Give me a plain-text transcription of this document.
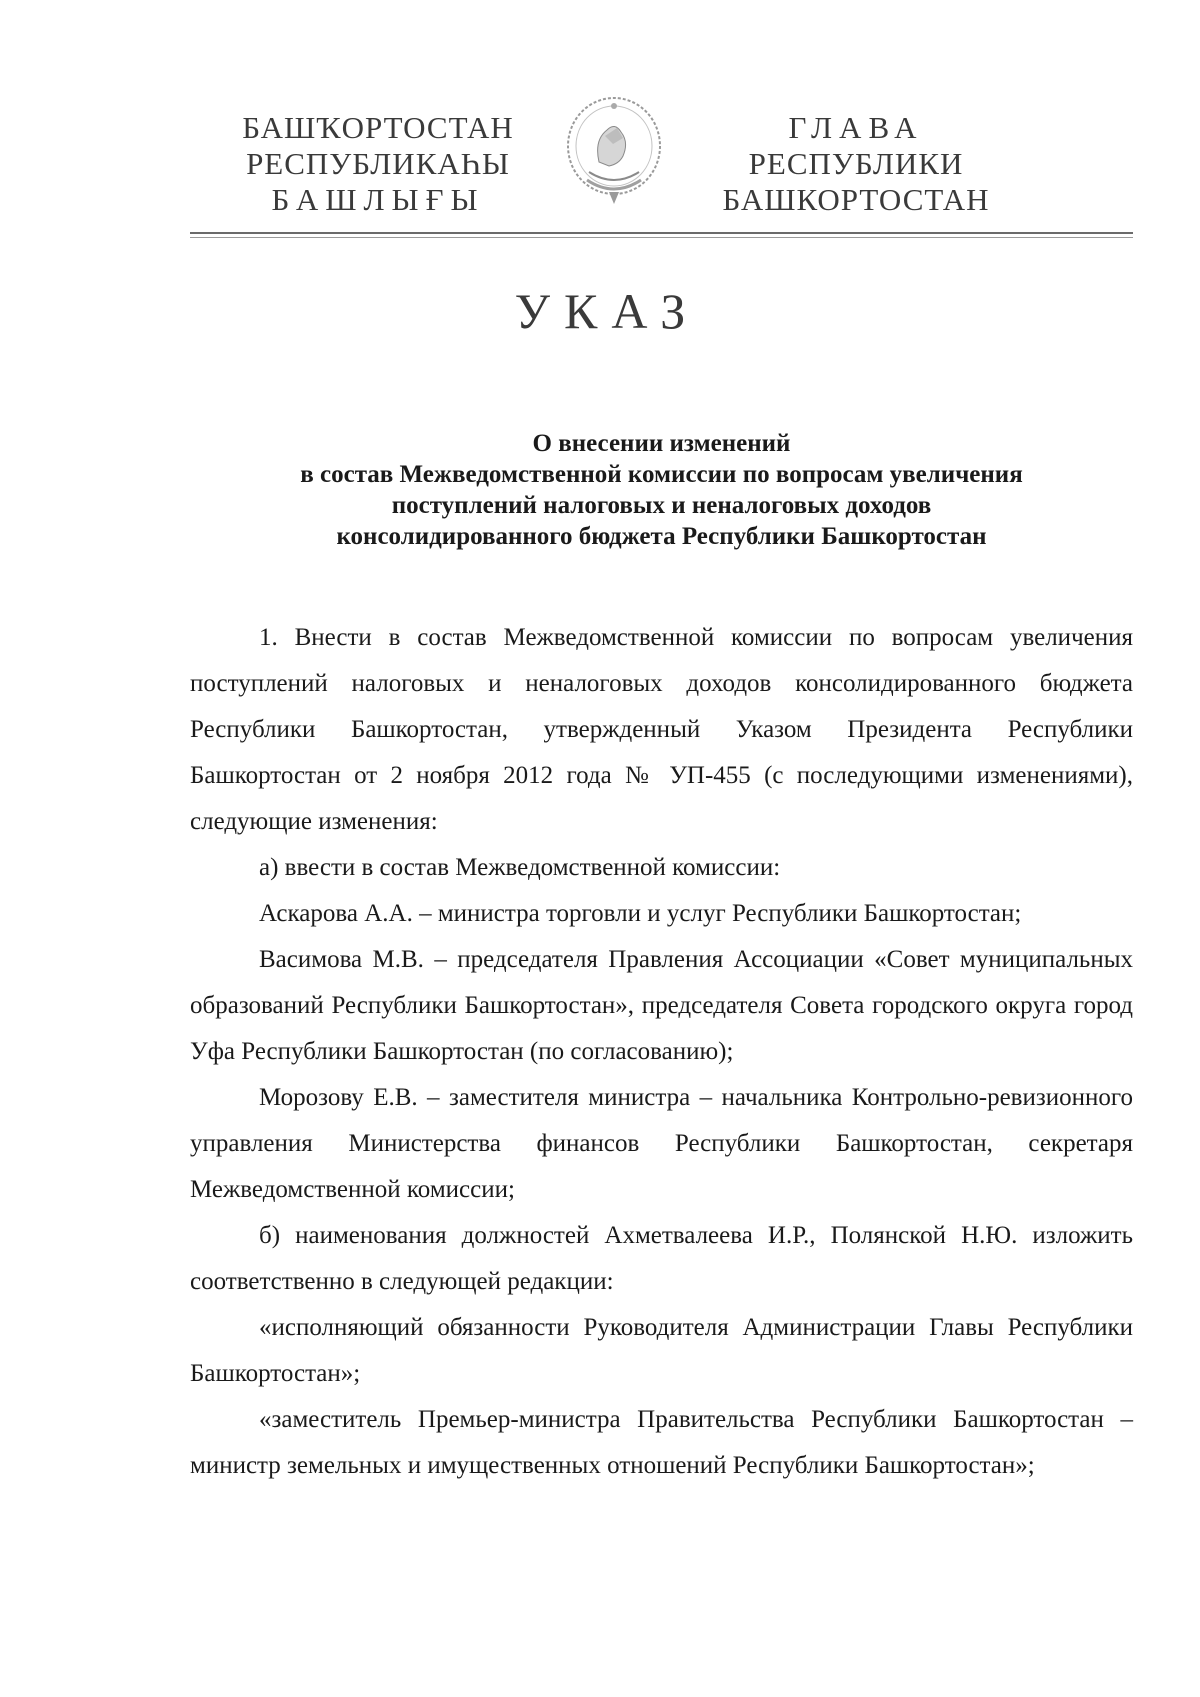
БАШҠОРТОСТАН
РЕСПУБЛИКАҺЫ
БАШЛЫҒЫ
ГЛАВА
РЕСПУБЛИКИ
БАШКОРТОСТАН
УКАЗ
О внесении изменений
в состав Межведомственной комиссии по вопросам увеличения
поступлений налоговых и неналоговых доходов
консолидированного бюджета Республики Башкортостан

1. Внести в состав Межведомственной комиссии по вопросам увеличения поступлений налоговых и неналоговых доходов консолидированного бюджета Республики Башкортостан, утвержденный Указом Президента Республики Башкортостан от 2 ноября 2012 года № УП-455 (с последующими изменениями), следующие изменения:

а) ввести в состав Межведомственной комиссии:

Аскарова А.А. – министра торговли и услуг Республики Башкортостан;

Васимова М.В. – председателя Правления Ассоциации «Совет муниципальных образований Республики Башкортостан», председателя Совета городского округа город Уфа Республики Башкортостан (по согласованию);

Морозову Е.В. – заместителя министра – начальника Контрольно-ревизионного управления Министерства финансов Республики Башкортостан, секретаря Межведомственной комиссии;

б) наименования должностей Ахметвалеева И.Р., Полянской Н.Ю. изложить соответственно в следующей редакции:

«исполняющий обязанности Руководителя Администрации Главы Республики Башкортостан»;

«заместитель Премьер-министра Правительства Республики Башкортостан – министр земельных и имущественных отношений Республики Башкортостан»;
